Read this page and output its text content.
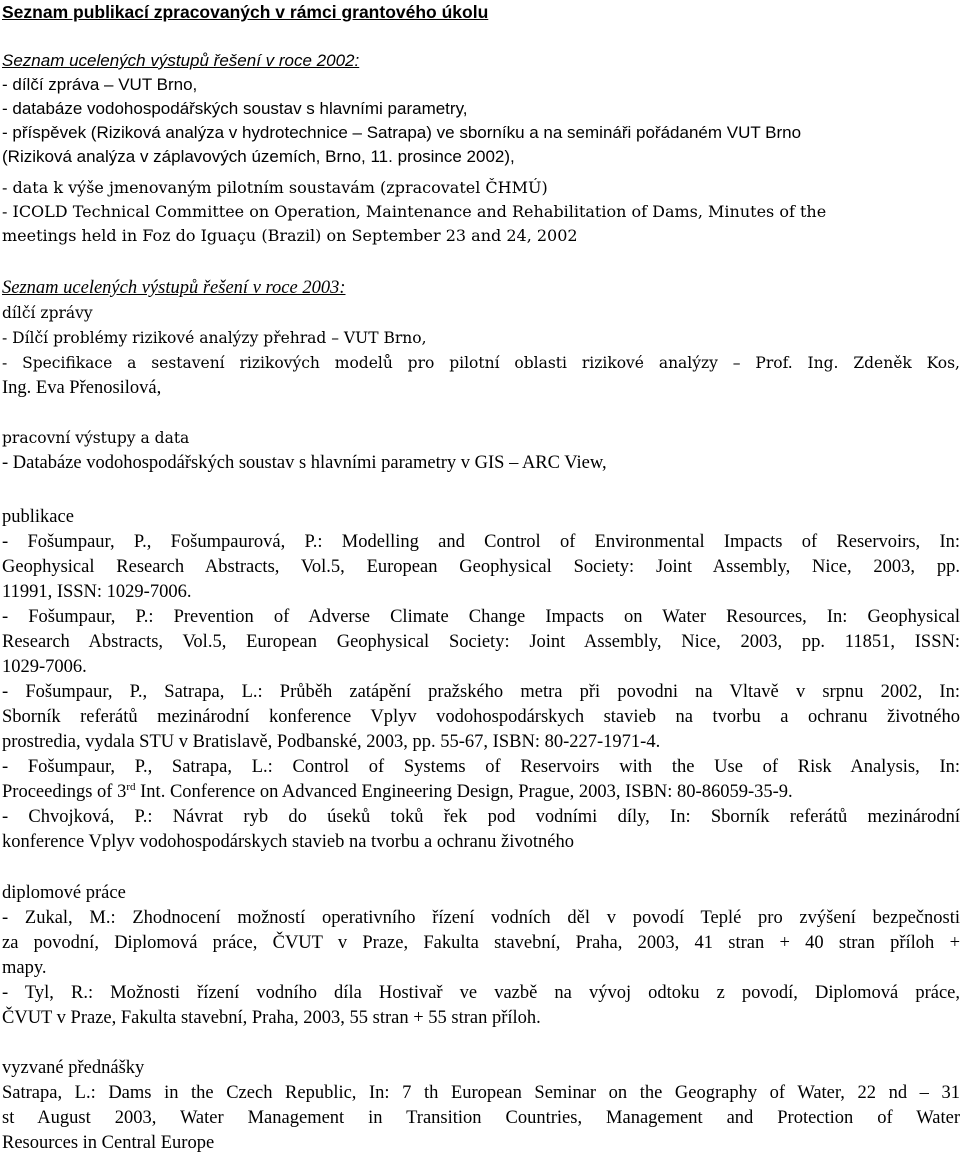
Seznam publikací zpracovaných v rámci grantového úkolu
Seznam ucelených výstupů řešení v roce 2002:
- dílčí zpráva – VUT Brno,
- databáze vodohospodářských soustav s hlavními parametry,
- příspěvek (Riziková analýza v hydrotechnice – Satrapa) ve sborníku a na semináři pořádaném VUT Brno
(Riziková analýza v záplavových územích, Brno, 11. prosince 2002),
- data k výše jmenovaným pilotním soustavám (zpracovatel ČHMÚ)
- ICOLD Technical Committee on Operation, Maintenance and Rehabilitation of Dams, Minutes of the
meetings held in Foz do Iguaçu (Brazil) on September 23 and 24, 2002
Seznam ucelených výstupů řešení v roce 2003:
dílčí zprávy
- Dílčí problémy rizikové analýzy přehrad – VUT Brno,
- Specifikace a sestavení rizikových modelů pro pilotní oblasti rizikové analýzy – Prof. Ing. Zdeněk Kos,
Ing. Eva Přenosilová,
pracovní výstupy a data
- Databáze vodohospodářských soustav s hlavními parametry v GIS – ARC View,
publikace
- Fošumpaur, P., Fošumpaurová, P.: Modelling and Control of Environmental Impacts of Reservoirs, In:
Geophysical Research Abstracts, Vol.5, European Geophysical Society: Joint Assembly, Nice, 2003, pp.
11991, ISSN: 1029-7006.
- Fošumpaur, P.: Prevention of Adverse Climate Change Impacts on Water Resources, In: Geophysical
Research Abstracts, Vol.5, European Geophysical Society: Joint Assembly, Nice, 2003, pp. 11851, ISSN:
1029-7006.
- Fošumpaur, P., Satrapa, L.: Průběh zatápění pražského metra při povodni na Vltavě v srpnu 2002, In:
Sborník referátů mezinárodní konference Vplyv vodohospodárskych stavieb na tvorbu a ochranu životného
prostredia, vydala STU v Bratislavě, Podbanské, 2003, pp. 55-67, ISBN: 80-227-1971-4.
- Fošumpaur, P., Satrapa, L.: Control of Systems of Reservoirs with the Use of Risk Analysis, In:
Proceedings of 3rd Int. Conference on Advanced Engineering Design, Prague, 2003, ISBN: 80-86059-35-9.
- Chvojková, P.: Návrat ryb do úseků toků řek pod vodními díly, In: Sborník referátů mezinárodní
konference Vplyv vodohospodárskych stavieb na tvorbu a ochranu životného
diplomové práce
- Zukal, M.: Zhodnocení možností operativního řízení vodních děl v povodí Teplé pro zvýšení bezpečnosti
za povodní, Diplomová práce, ČVUT v Praze, Fakulta stavební, Praha, 2003, 41 stran + 40 stran příloh +
mapy.
- Tyl, R.: Možnosti řízení vodního díla Hostivař ve vazbě na vývoj odtoku z povodí, Diplomová práce,
ČVUT v Praze, Fakulta stavební, Praha, 2003, 55 stran + 55 stran příloh.
vyzvané přednášky
Satrapa, L.: Dams in the Czech Republic, In: 7 th European Seminar on the Geography of Water, 22 nd – 31
st August 2003, Water Management in Transition Countries, Management and Protection of Water
Resources in Central Europe
